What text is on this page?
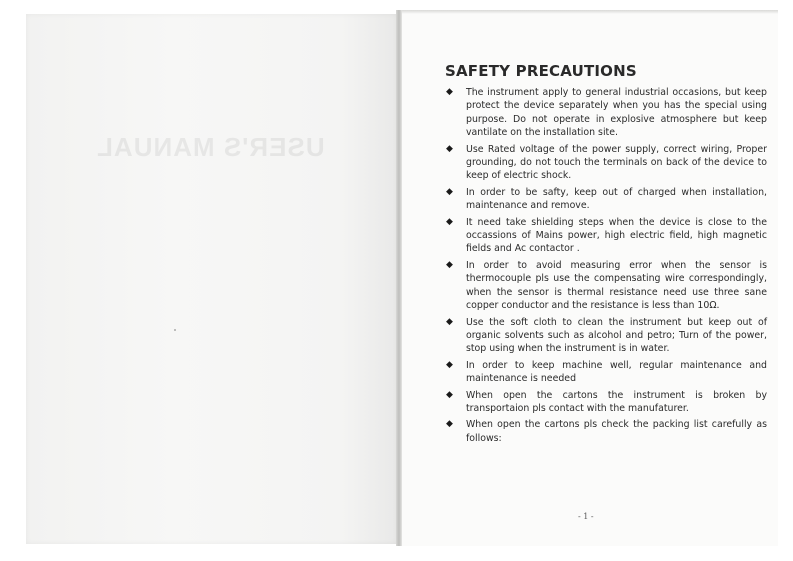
USER'S MANUAL
SAFETY PRECAUTIONS
◆ The instrument apply to general industrial occasions, but keep protect the device separately when you has the special using purpose. Do not operate in explosive atmosphere but keep vantilate on the installation site.
◆ Use Rated voltage of the power supply, correct wiring, Proper grounding, do not touch the terminals on back of the device to keep of electric shock.
◆ In order to be safty, keep out of charged when installation, maintenance and remove.
◆ It need take shielding steps when the device is close to the occassions of Mains power, high electric field, high magnetic fields and Ac contactor .
◆ In order to avoid measuring error when the sensor is thermocouple pls use the compensating wire correspondingly, when the sensor is thermal resistance need use three sane copper conductor and the resistance is less than 10Ω.
◆ Use the soft cloth to clean the instrument but keep out of organic solvents such as alcohol and petro; Turn of the power, stop using when the instrument is in water.
◆ In order to keep machine well, regular maintenance and maintenance is needed
◆ When open the cartons the instrument is broken by transportaion pls contact with the manufaturer.
◆ When open the cartons pls check the packing list carefully as follows:
- 1 -
